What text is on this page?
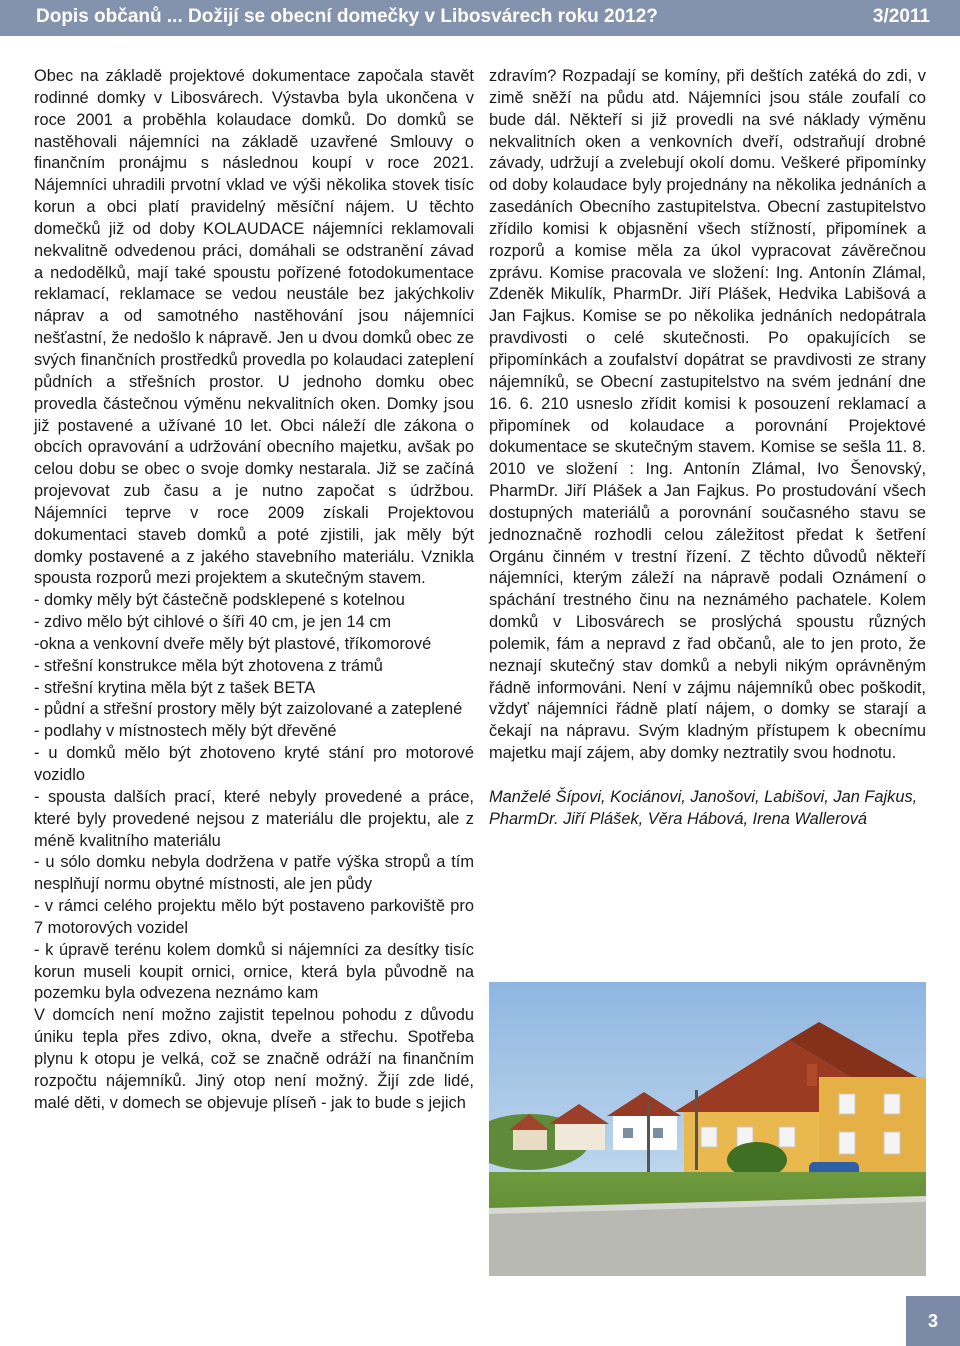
Dopis občanů ... Dožijí se obecní domečky v Libosvárech roku 2012?	3/2011

Obec na základě projektové dokumentace započala stavět rodinné domky v Libosvárech. Výstavba byla ukončena v roce 2001 a proběhla kolaudace domků. Do domků se nastěhovali nájemníci na základě uzavřené Smlouvy o finančním pronájmu s následnou koupí v roce 2021. Nájemníci uhradili prvotní vklad ve výši několika stovek tisíc korun a obci platí pravidelný měsíční nájem. U těchto domečků již od doby KOLAUDACE nájemníci reklamovali nekvalitně odvedenou práci, domáhali se odstranění závad a nedodělků, mají také spoustu pořízené fotodokumentace reklamací, reklamace se vedou neustále bez jakýchkoliv náprav a od samotného nastěhování jsou nájemníci nešťastní, že nedošlo k nápravě. Jen u dvou domků obec ze svých finančních prostředků provedla po kolaudaci zateplení půdních a střešních prostor. U jednoho domku obec provedla částečnou výměnu nekvalitních oken. Domky jsou již postavené a užívané 10 let. Obci náleží dle zákona o obcích opravování a udržování obecního majetku, avšak po celou dobu se obec o svoje domky nestarala. Již se začíná projevovat zub času a je nutno započat s údržbou. Nájemníci teprve v roce 2009 získali Projektovou dokumentaci staveb domků a poté zjistili, jak měly být domky postavené a z jakého stavebního materiálu. Vznikla spousta rozporů mezi projektem a skutečným stavem.

- domky měly být částečně podsklepené s kotelnou

- zdivo mělo být cihlové o šíři 40 cm, je jen 14 cm

-okna a venkovní dveře měly být plastové, tříkomorové

- střešní konstrukce měla být zhotovena z trámů

- střešní krytina měla být z tašek BETA

- půdní a střešní prostory měly být zaizolované a zateplené

- podlahy v místnostech měly být dřevěné

- u domků mělo být zhotoveno kryté stání pro motorové vozidlo

- spousta dalších prací, které nebyly provedené a práce, které byly provedené nejsou z materiálu dle projektu, ale z méně kvalitního materiálu

- u sólo domku nebyla dodržena v patře výška stropů a tím nesplňují normu obytné místnosti, ale jen půdy

- v rámci celého projektu mělo být postaveno parkoviště pro 7 motorových vozidel

- k úpravě terénu kolem domků si nájemníci za desítky tisíc korun museli koupit ornici, ornice, která byla původně na pozemku byla odvezena neznámo kam

V domcích není možno zajistit tepelnou pohodu z důvodu úniku tepla přes zdivo, okna, dveře a střechu. Spotřeba plynu k otopu je velká, což se značně odráží na finančním rozpočtu nájemníků. Jiný otop není možný. Žijí zde lidé, malé děti, v domech se objevuje plíseň - jak to bude s jejich

zdravím? Rozpadají se komíny, při deštích zatéká do zdi, v zimě sněží na půdu atd. Nájemníci jsou stále zoufalí co bude dál. Někteří si již provedli na své náklady výměnu nekvalitních oken a venkovních dveří, odstraňují drobné závady, udržují a zvelebují okolí domu. Veškeré připomínky od doby kolaudace byly projednány na několika jednáních a zasedáních Obecního zastupitelstva. Obecní zastupitelstvo zřídilo komisi k objasnění všech stížností, připomínek a rozporů a komise měla za úkol vypracovat závěrečnou zprávu. Komise pracovala ve složení: Ing. Antonín Zlámal, Zdeněk Mikulík, PharmDr. Jiří Plášek, Hedvika Labišová a Jan Fajkus. Komise se po několika jednáních nedopátrala pravdivosti o celé skutečnosti. Po opakujících se připomínkách a zoufalství dopátrat se pravdivosti ze strany nájemníků, se Obecní zastupitelstvo na svém jednání dne 16. 6. 210 usneslo zřídit komisi k posouzení reklamací a připomínek od kolaudace a porovnání Projektové dokumentace se skutečným stavem. Komise se sešla 11. 8. 2010 ve složení : Ing. Antonín Zlámal, Ivo Šenovský, PharmDr. Jiří Plášek a Jan Fajkus. Po prostudování všech dostupných materiálů a porovnání současného stavu se jednoznačně rozhodli celou záležitost předat k šetření Orgánu činném v trestní řízení. Z těchto důvodů někteří nájemníci, kterým záleží na nápravě podali Oznámení o spáchání trestného činu na neznámého pachatele. Kolem domků v Libosvárech se proslýchá spoustu různých polemik, fám a nepravd z řad občanů, ale to jen proto, že neznají skutečný stav domků a nebyli nikým oprávněným řádně informováni. Není v zájmu nájemníků obec poškodit, vždyť nájemníci řádně platí nájem, o domky se starají a čekají na nápravu. Svým kladným přístupem k obecnímu majetku mají zájem, aby domky neztratily svou hodnotu.

Manželé Šípovi, Kociánovi, Janošovi, Labišovi, Jan Fajkus, PharmDr. Jiří Plášek, Věra Hábová, Irena Wallerová

3
